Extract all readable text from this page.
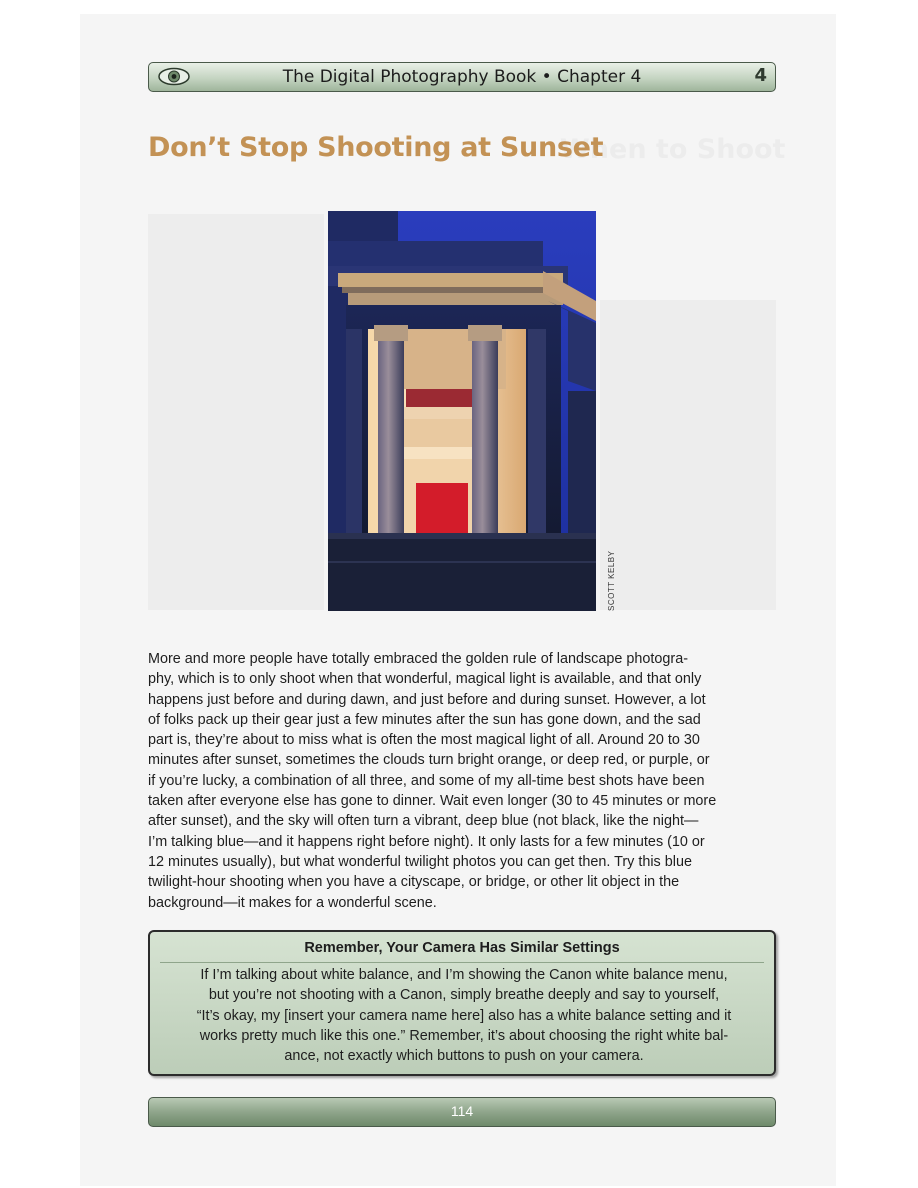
When to Shoot
The Digital Photography Book • Chapter 4	4
Don’t Stop Shooting at Sunset
SCOTT KELBY
More and more people have totally embraced the golden rule of landscape photogra-
phy, which is to only shoot when that wonderful, magical light is available, and that only
happens just before and during dawn, and just before and during sunset. However, a lot
of folks pack up their gear just a few minutes after the sun has gone down, and the sad
part is, they’re about to miss what is often the most magical light of all. Around 20 to 30
minutes after sunset, sometimes the clouds turn bright orange, or deep red, or purple, or
if you’re lucky, a combination of all three, and some of my all-time best shots have been
taken after everyone else has gone to dinner. Wait even longer (30 to 45 minutes or more
after sunset), and the sky will often turn a vibrant, deep blue (not black, like the night—
I’m talking blue—and it happens right before night). It only lasts for a few minutes (10 or
12 minutes usually), but what wonderful twilight photos you can get then. Try this blue
twilight-hour shooting when you have a cityscape, or bridge, or other lit object in the
background—it makes for a wonderful scene.
Remember, Your Camera Has Similar Settings
If I’m talking about white balance, and I’m showing the Canon white balance menu,
but you’re not shooting with a Canon, simply breathe deeply and say to yourself,
“It’s okay, my [insert your camera name here] also has a white balance setting and it
works pretty much like this one.” Remember, it’s about choosing the right white bal-
ance, not exactly which buttons to push on your camera.
114
